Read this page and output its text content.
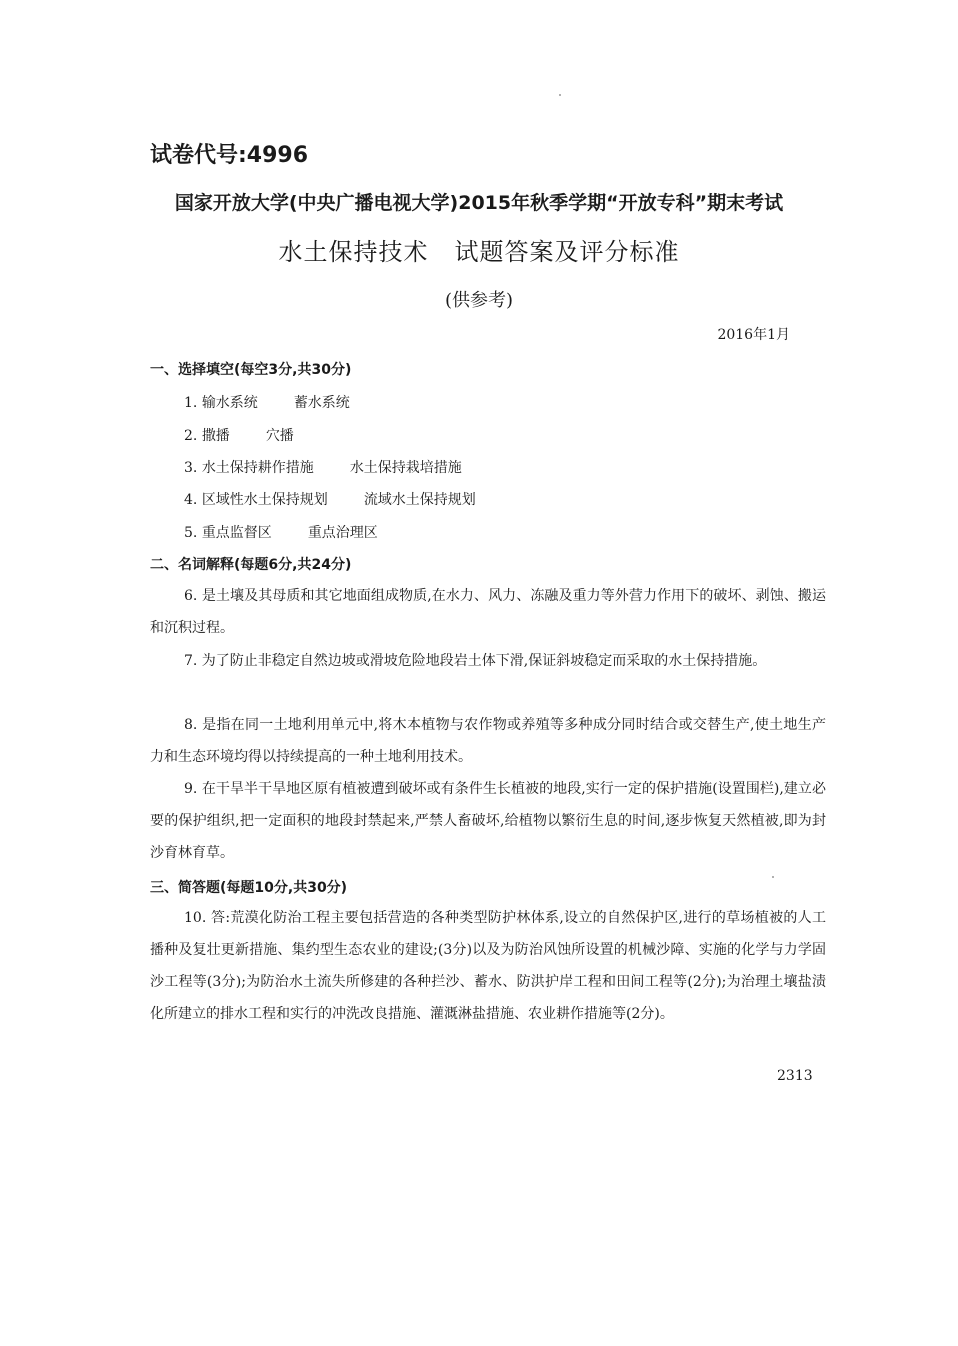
试卷代号:4996
国家开放大学(中央广播电视大学)2015年秋季学期“开放专科”期末考试
水土保持技术 试题答案及评分标准
(供参考)
2016年1月
一、选择填空(每空3分,共30分)
1. 输水系统	蓄水系统
2. 撒播	穴播
3. 水土保持耕作措施	水土保持栽培措施
4. 区域性水土保持规划	流域水土保持规划
5. 重点监督区	重点治理区
二、名词解释(每题6分,共24分)
6. 是土壤及其母质和其它地面组成物质,在水力、风力、冻融及重力等外营力作用下的破坏、剥蚀、搬运和沉积过程。
7. 为了防止非稳定自然边坡或滑坡危险地段岩土体下滑,保证斜坡稳定而采取的水土保持措施。
8. 是指在同一土地利用单元中,将木本植物与农作物或养殖等多种成分同时结合或交替生产,使土地生产力和生态环境均得以持续提高的一种土地利用技术。
9. 在干旱半干旱地区原有植被遭到破坏或有条件生长植被的地段,实行一定的保护措施(设置围栏),建立必要的保护组织,把一定面积的地段封禁起来,严禁人畜破坏,给植物以繁衍生息的时间,逐步恢复天然植被,即为封沙育林育草。
三、简答题(每题10分,共30分)
10. 答:荒漠化防治工程主要包括营造的各种类型防护林体系,设立的自然保护区,进行的草场植被的人工播种及复壮更新措施、集约型生态农业的建设;(3分)以及为防治风蚀所设置的机械沙障、实施的化学与力学固沙工程等(3分);为防治水土流失所修建的各种拦沙、蓄水、防洪护岸工程和田间工程等(2分);为治理土壤盐渍化所建立的排水工程和实行的冲洗改良措施、灌溉淋盐措施、农业耕作措施等(2分)。
2313
